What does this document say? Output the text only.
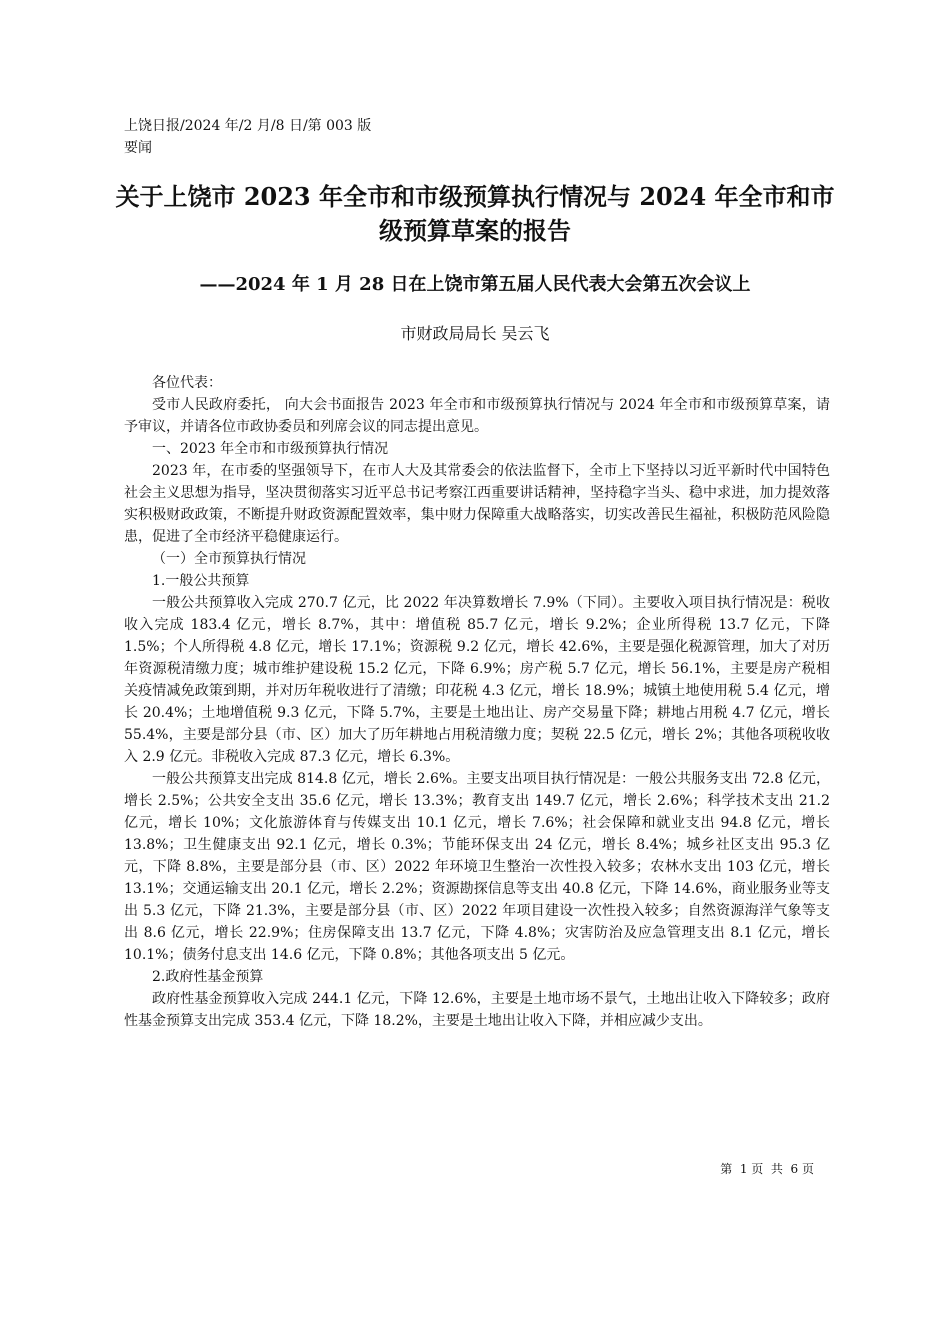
上饶日报/2024 年/2 月/8 日/第 003 版要闻
关于上饶市 2023 年全市和市级预算执行情况与 2024 年全市和市级预算草案的报告
——2024 年 1 月 28 日在上饶市第五届人民代表大会第五次会议上
市财政局局长 吴云飞

各位代表：

受市人民政府委托， 向大会书面报告 2023 年全市和市级预算执行情况与 2024 年全市和市级预算草案，请予审议，并请各位市政协委员和列席会议的同志提出意见。

一、2023 年全市和市级预算执行情况

2023 年，在市委的坚强领导下，在市人大及其常委会的依法监督下，全市上下坚持以习近平新时代中国特色社会主义思想为指导，坚决贯彻落实习近平总书记考察江西重要讲话精神，坚持稳字当头、稳中求进，加力提效落实积极财政政策，不断提升财政资源配置效率，集中财力保障重大战略落实，切实改善民生福祉，积极防范风险隐患，促进了全市经济平稳健康运行。

（一）全市预算执行情况

1.一般公共预算

一般公共预算收入完成 270.7 亿元，比 2022 年决算数增长 7.9%（下同）。主要收入项目执行情况是：税收收入完成 183.4 亿元，增长 8.7%，其中：增值税 85.7 亿元，增长 9.2%；企业所得税 13.7 亿元，下降 1.5%；个人所得税 4.8 亿元，增长 17.1%；资源税 9.2 亿元，增长 42.6%，主要是强化税源管理，加大了对历年资源税清缴力度；城市维护建设税 15.2 亿元，下降 6.9%；房产税 5.7 亿元，增长 56.1%，主要是房产税相关疫情减免政策到期，并对历年税收进行了清缴；印花税 4.3 亿元，增长 18.9%；城镇土地使用税 5.4 亿元，增长 20.4%；土地增值税 9.3 亿元，下降 5.7%，主要是土地出让、房产交易量下降；耕地占用税 4.7 亿元，增长 55.4%，主要是部分县（市、区）加大了历年耕地占用税清缴力度；契税 22.5 亿元，增长 2%；其他各项税收收入 2.9 亿元。非税收入完成 87.3 亿元，增长 6.3%。

一般公共预算支出完成 814.8 亿元，增长 2.6%。主要支出项目执行情况是：一般公共服务支出 72.8 亿元，增长 2.5%；公共安全支出 35.6 亿元，增长 13.3%；教育支出 149.7 亿元，增长 2.6%；科学技术支出 21.2 亿元，增长 10%；文化旅游体育与传媒支出 10.1 亿元，增长 7.6%；社会保障和就业支出 94.8 亿元，增长 13.8%；卫生健康支出 92.1 亿元，增长 0.3%；节能环保支出 24 亿元，增长 8.4%；城乡社区支出 95.3 亿元，下降 8.8%，主要是部分县（市、区）2022 年环境卫生整治一次性投入较多；农林水支出 103 亿元，增长 13.1%；交通运输支出 20.1 亿元，增长 2.2%；资源勘探信息等支出 40.8 亿元，下降 14.6%，商业服务业等支出 5.3 亿元，下降 21.3%，主要是部分县（市、区）2022 年项目建设一次性投入较多；自然资源海洋气象等支出 8.6 亿元，增长 22.9%；住房保障支出 13.7 亿元，下降 4.8%；灾害防治及应急管理支出 8.1 亿元，增长 10.1%；债务付息支出 14.6 亿元，下降 0.8%；其他各项支出 5 亿元。

2.政府性基金预算

政府性基金预算收入完成 244.1 亿元，下降 12.6%，主要是土地市场不景气，土地出让收入下降较多；政府性基金预算支出完成 353.4 亿元，下降 18.2%，主要是土地出让收入下降，并相应减少支出。

第  1 页  共  6 页
